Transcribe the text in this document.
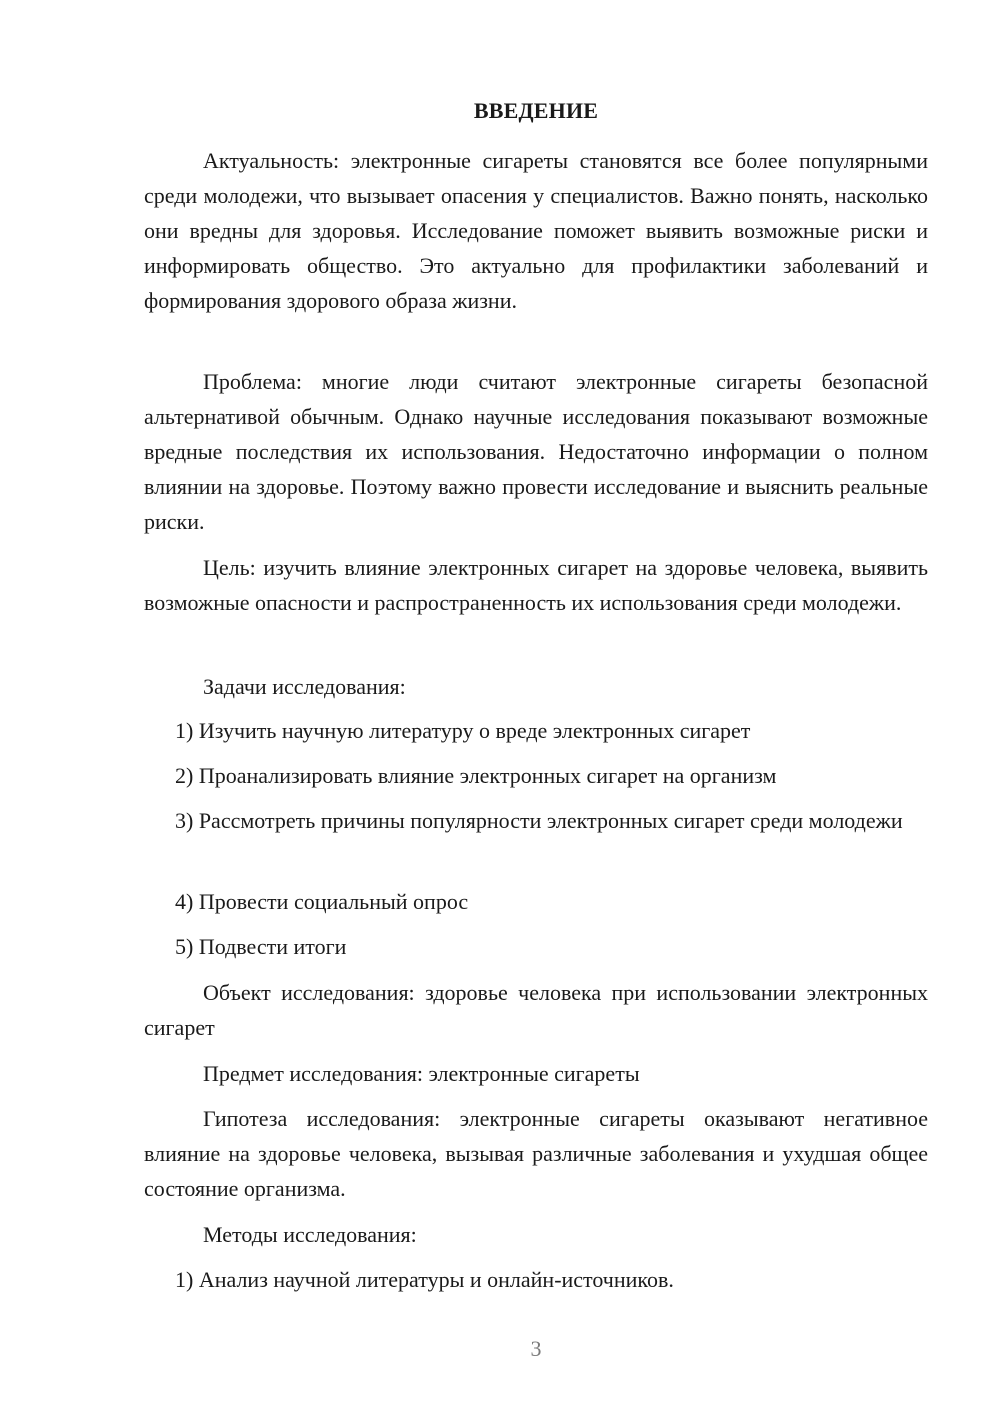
ВВЕДЕНИЕ

Актуальность: электронные сигареты становятся все более популярными среди молодежи, что вызывает опасения у специалистов. Важно понять, насколько они вредны для здоровья. Исследование поможет выявить возможные риски и информировать общество. Это актуально для профилактики заболеваний и формирования здорового образа жизни.

Проблема: многие люди считают электронные сигареты безопасной альтернативой обычным. Однако научные исследования показывают возможные вредные последствия их использования. Недостаточно информации о полном влиянии на здоровье. Поэтому важно провести исследование и выяснить реальные риски.

Цель: изучить влияние электронных сигарет на здоровье человека, выявить возможные опасности и распространенность их использования среди молодежи.

Задачи исследования:

1) Изучить научную литературу о вреде электронных сигарет

2) Проанализировать влияние электронных сигарет на организм

3) Рассмотреть причины популярности электронных сигарет среди молодежи

4) Провести социальный опрос

5) Подвести итоги

Объект исследования: здоровье человека при использовании электронных сигарет

Предмет исследования: электронные сигареты

Гипотеза исследования: электронные сигареты оказывают негативное влияние на здоровье человека, вызывая различные заболевания и ухудшая общее состояние организма.

Методы исследования:

1) Анализ научной литературы и онлайн-источников.

3
